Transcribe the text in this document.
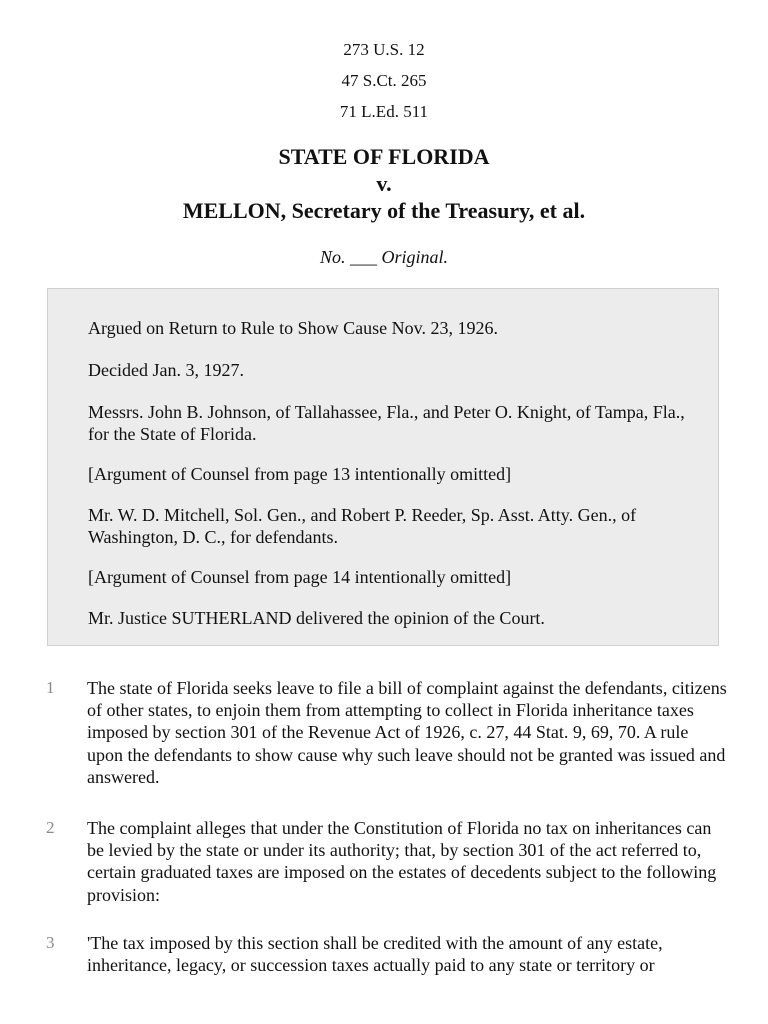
273 U.S. 12
47 S.Ct. 265
71 L.Ed. 511
STATE OF FLORIDA
v.
MELLON, Secretary of the Treasury, et al.
No. ___ Original.
Argued on Return to Rule to Show Cause Nov. 23, 1926.
Decided Jan. 3, 1927.
Messrs. John B. Johnson, of Tallahassee, Fla., and Peter O. Knight, of Tampa, Fla., for the State of Florida.
[Argument of Counsel from page 13 intentionally omitted]
Mr. W. D. Mitchell, Sol. Gen., and Robert P. Reeder, Sp. Asst. Atty. Gen., of Washington, D. C., for defendants.
[Argument of Counsel from page 14 intentionally omitted]
Mr. Justice SUTHERLAND delivered the opinion of the Court.
1 The state of Florida seeks leave to file a bill of complaint against the defendants, citizens of other states, to enjoin them from attempting to collect in Florida inheritance taxes imposed by section 301 of the Revenue Act of 1926, c. 27, 44 Stat. 9, 69, 70. A rule upon the defendants to show cause why such leave should not be granted was issued and answered.
2 The complaint alleges that under the Constitution of Florida no tax on inheritances can be levied by the state or under its authority; that, by section 301 of the act referred to, certain graduated taxes are imposed on the estates of decedents subject to the following provision:
3 'The tax imposed by this section shall be credited with the amount of any estate, inheritance, legacy, or succession taxes actually paid to any state or territory or
